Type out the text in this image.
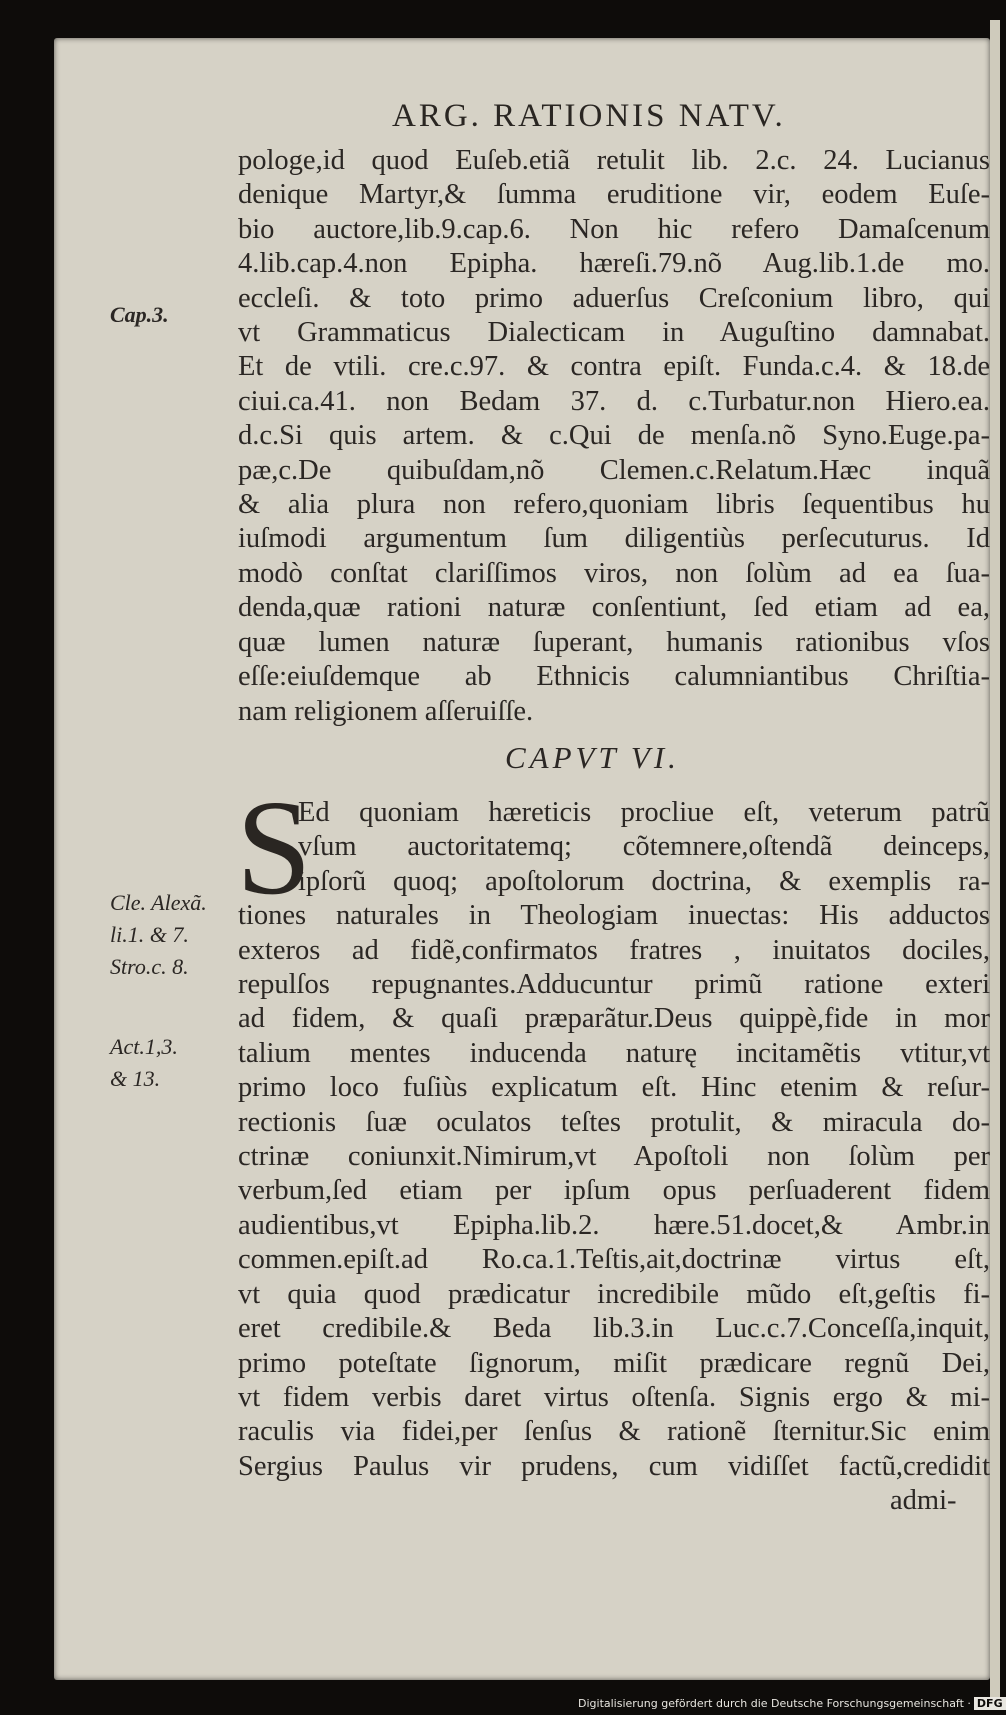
ARG. RATIONIS NATV.
Cap.3.
pologe,id quod Euſeb.etiã retulit lib. 2.c. 24. Lucianus
denique Martyr,& ſumma eruditione vir, eodem Euſe-
bio auctore,lib.9.cap.6. Non hic refero Damaſcenum
4.lib.cap.4.non Epipha. hæreſi.79.nõ Aug.lib.1.de mo.
eccleſi. & toto primo aduerſus Creſconium libro, qui
vt Grammaticus Dialecticam in Auguſtino damnabat.
Et de vtili. cre.c.97. & contra epiſt. Funda.c.4. & 18.de
ciui.ca.41. non Bedam 37. d. c.Turbatur.non Hiero.ea.
d.c.Si quis artem. & c.Qui de menſa.nõ Syno.Euge.pa-
pæ,c.De quibuſdam,nõ Clemen.c.Relatum.Hæc inquã
& alia plura non refero,quoniam libris ſequentibus hu
iuſmodi argumentum ſum diligentiùs perſecuturus. Id
modò conſtat clariſſimos viros, non ſolùm ad ea ſua-
denda,quæ rationi naturæ conſentiunt, ſed etiam ad ea,
quæ lumen naturæ ſuperant, humanis rationibus vſos
eſſe:eiuſdemque ab Ethnicis calumniantibus Chriſtia-
nam religionem aſſeruiſſe.
CAPVT VI.
S
Ed quoniam hæreticis procliue eſt, veterum patrũ
vſum auctoritatemq; cõtemnere,oſtendã deinceps,
ipſorũ quoq; apoſtolorum doctrina, & exemplis ra-
tiones naturales in Theologiam inuectas: His adductos
exteros ad fidẽ,confirmatos fratres , inuitatos dociles,
repulſos repugnantes.Adducuntur primũ ratione exteri
ad fidem, & quaſi præparãtur.Deus quippè,fide in mor
talium mentes inducenda naturę incitamẽtis vtitur,vt
primo loco fuſiùs explicatum eſt. Hinc etenim & reſur-
rectionis ſuæ oculatos teſtes protulit, & miracula do-
ctrinæ coniunxit.Nimirum,vt Apoſtoli non ſolùm per
verbum,ſed etiam per ipſum opus perſuaderent fidem
audientibus,vt Epipha.lib.2. hære.51.docet,& Ambr.in
commen.epiſt.ad Ro.ca.1.Teſtis,ait,doctrinæ virtus eſt,
vt quia quod prædicatur incredibile mũdo eſt,geſtis fi-
eret credibile.& Beda lib.3.in Luc.c.7.Conceſſa,inquit,
primo poteſtate ſignorum, miſit prædicare regnũ Dei,
vt fidem verbis daret virtus oſtenſa. Signis ergo & mi-
raculis via fidei,per ſenſus & rationẽ ſternitur.Sic enim
Sergius Paulus vir prudens, cum vidiſſet factũ,credidit
admi-
Cle. Alexã.
li.1. & 7.
Stro.c. 8.
Act.1,3.
& 13.
Digitalisierung gefördert durch die Deutsche Forschungsgemeinschaft · DFG
